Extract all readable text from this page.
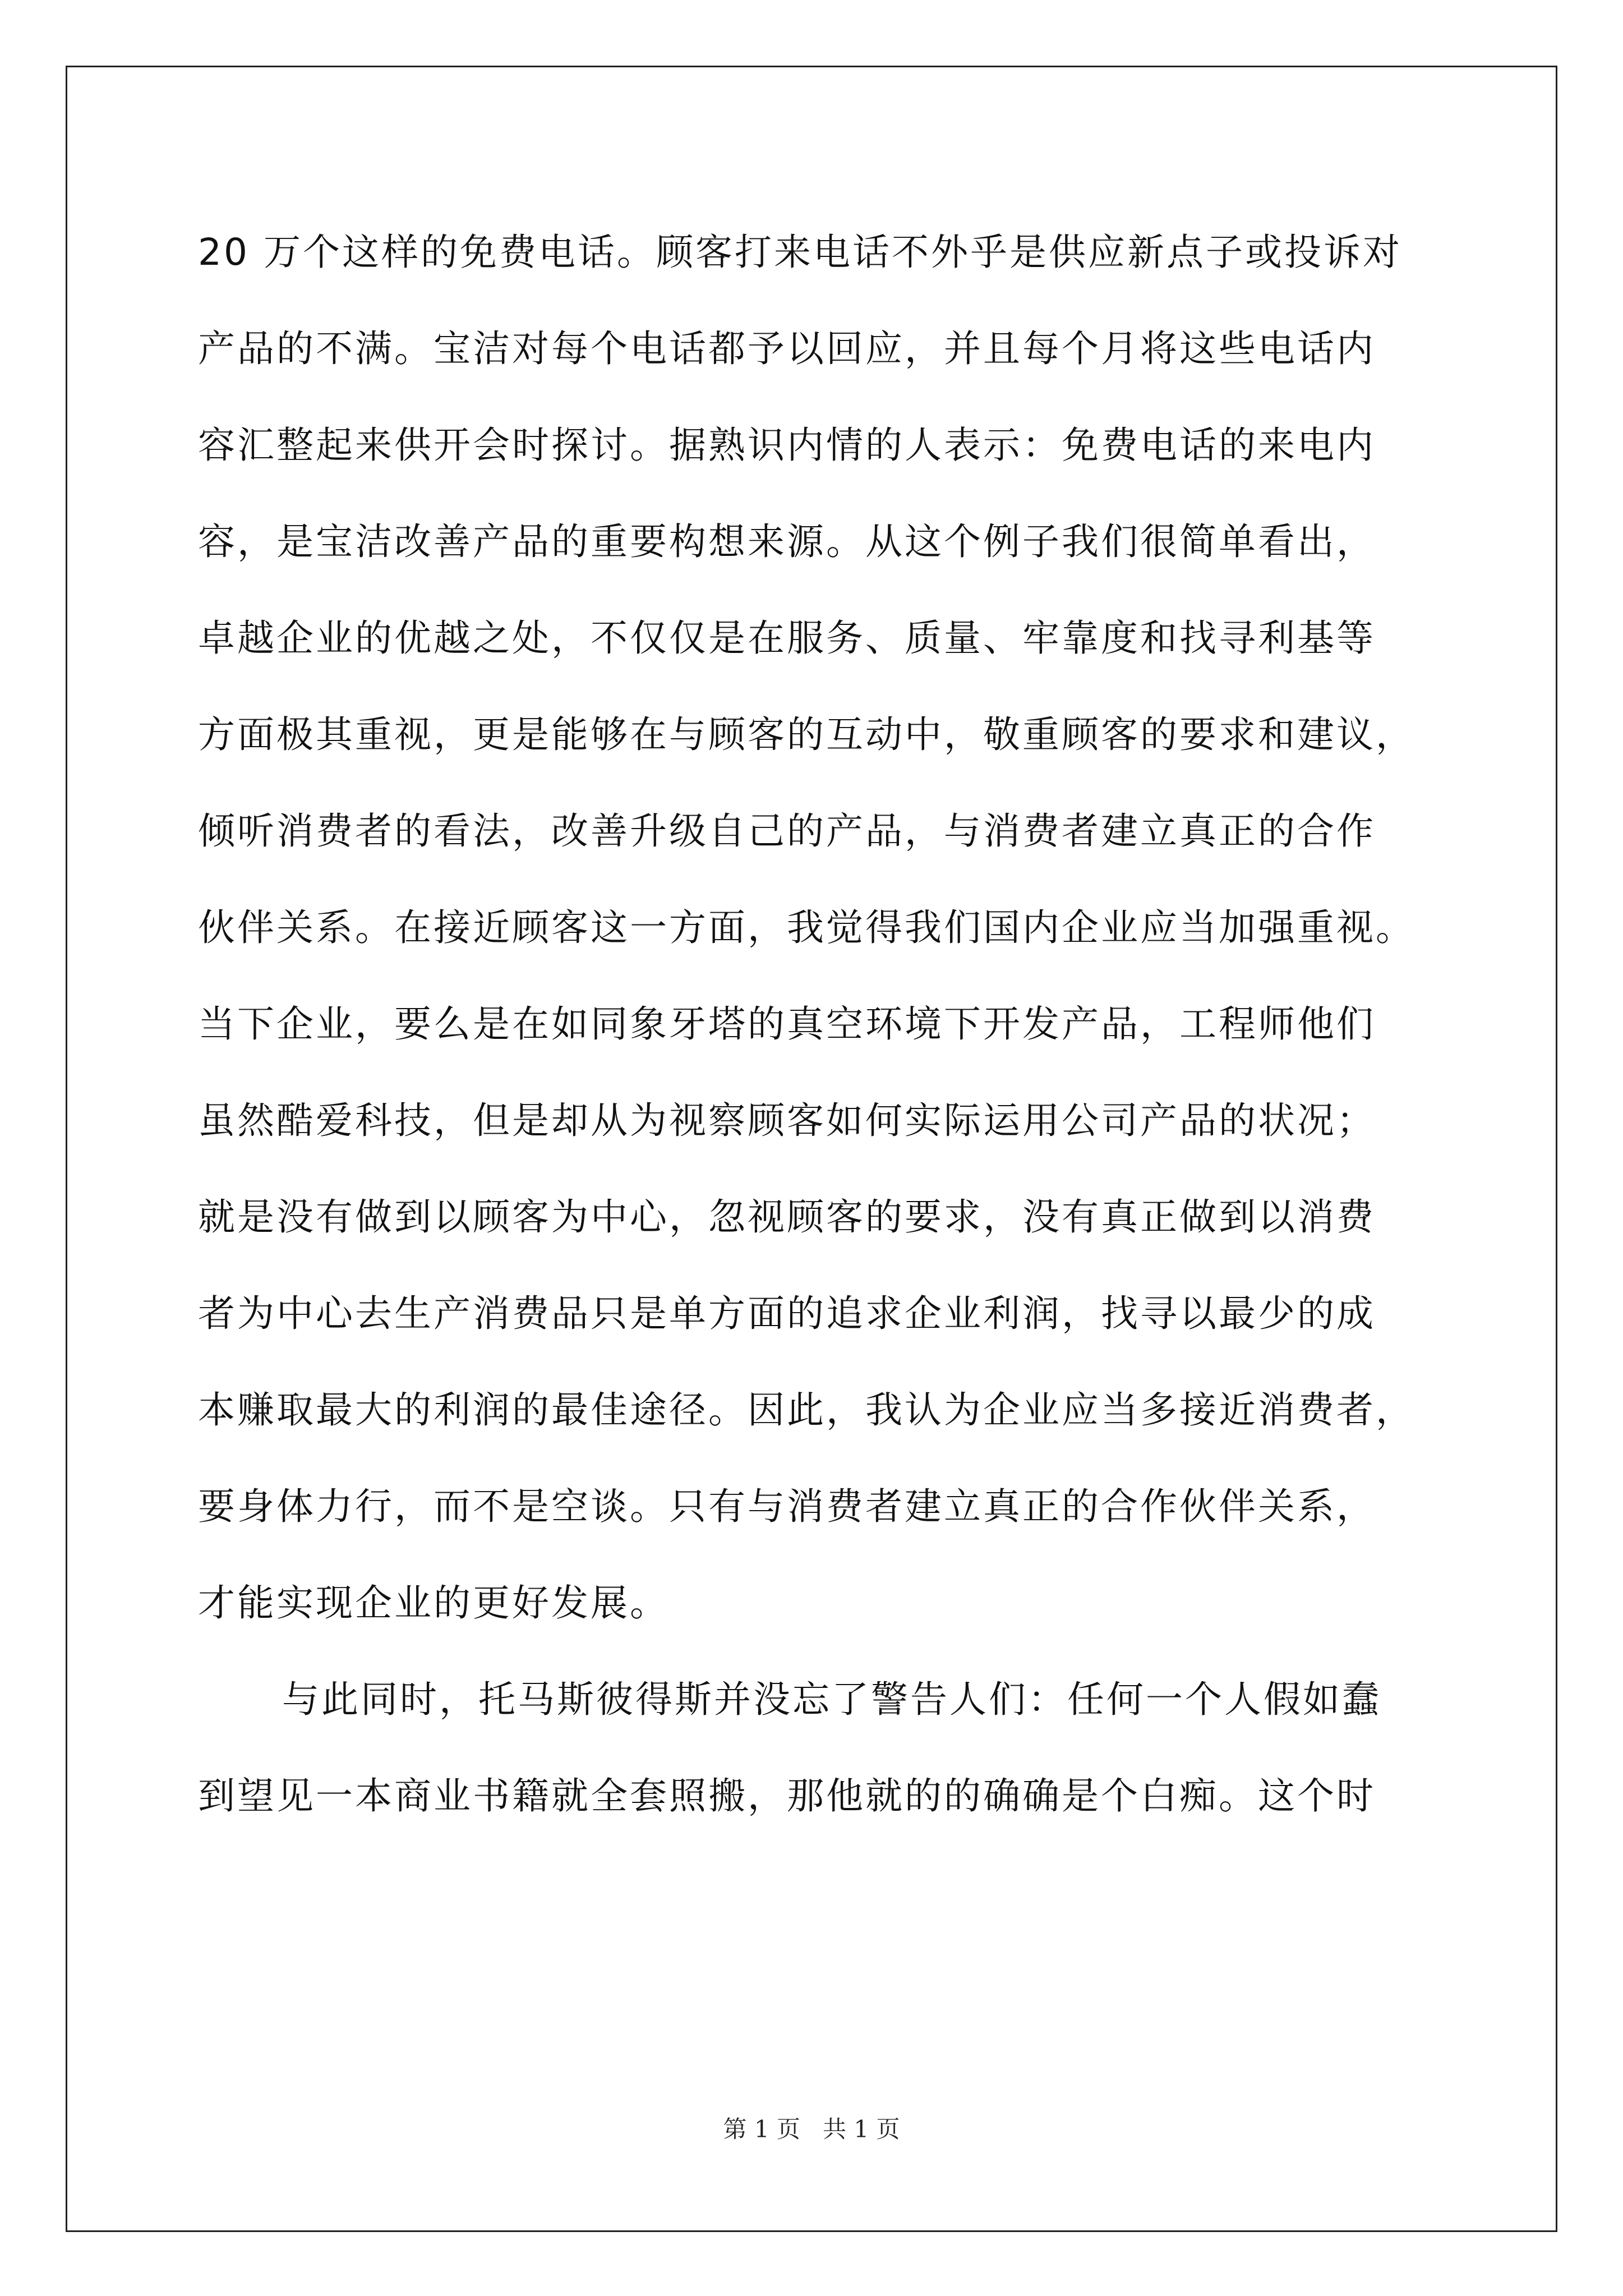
20 万个这样的免费电话。顾客打来电话不外乎是供应新点子或投诉对
产品的不满。宝洁对每个电话都予以回应，并且每个月将这些电话内
容汇整起来供开会时探讨。据熟识内情的人表示：免费电话的来电内
容，是宝洁改善产品的重要构想来源。从这个例子我们很简单看出，
卓越企业的优越之处，不仅仅是在服务、质量、牢靠度和找寻利基等
方面极其重视，更是能够在与顾客的互动中，敬重顾客的要求和建议，
倾听消费者的看法，改善升级自己的产品，与消费者建立真正的合作
伙伴关系。在接近顾客这一方面，我觉得我们国内企业应当加强重视。
当下企业，要么是在如同象牙塔的真空环境下开发产品，工程师他们
虽然酷爱科技，但是却从为视察顾客如何实际运用公司产品的状况；
就是没有做到以顾客为中心，忽视顾客的要求，没有真正做到以消费
者为中心去生产消费品只是单方面的追求企业利润，找寻以最少的成
本赚取最大的利润的最佳途径。因此，我认为企业应当多接近消费者，
要身体力行，而不是空谈。只有与消费者建立真正的合作伙伴关系，
才能实现企业的更好发展。
与此同时，托马斯彼得斯并没忘了警告人们：任何一个人假如蠢
到望见一本商业书籍就全套照搬，那他就的的确确是个白痴。这个时
第 1 页   共 1 页
